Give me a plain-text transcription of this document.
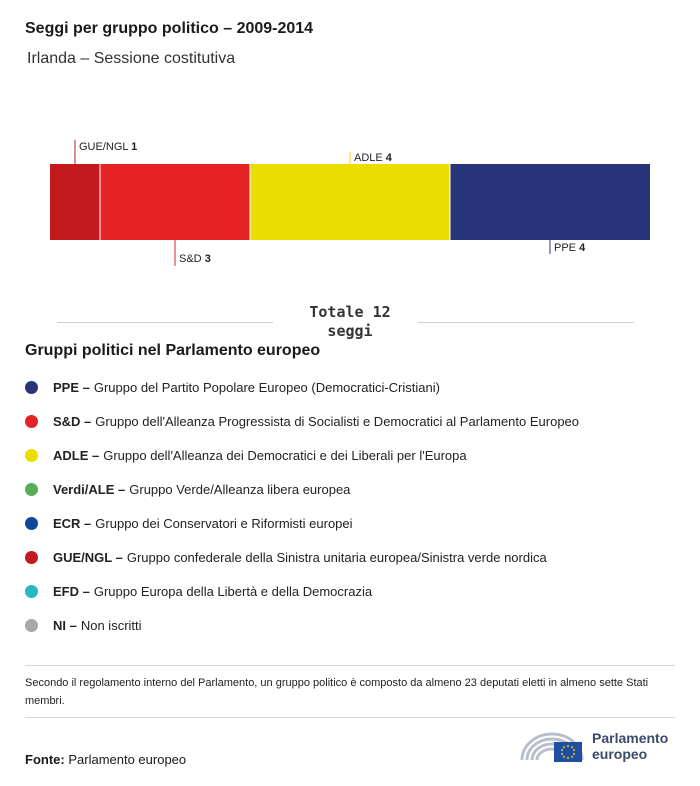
Seggi per gruppo politico – 2009-2014
Irlanda – Sessione costitutiva
GUE/NGL 1
S&D 3
ADLE 4
PPE 4
Totale 12
seggi
Gruppi politici nel Parlamento europeo
PPE – Gruppo del Partito Popolare Europeo (Democratici-Cristiani)
S&D – Gruppo dell'Alleanza Progressista di Socialisti e Democratici al Parlamento Europeo
ADLE – Gruppo dell'Alleanza dei Democratici e dei Liberali per l'Europa
Verdi/ALE – Gruppo Verde/Alleanza libera europea
ECR – Gruppo dei Conservatori e Riformisti europei
GUE/NGL – Gruppo confederale della Sinistra unitaria europea/Sinistra verde nordica
EFD – Gruppo Europa della Libertà e della Democrazia
NI – Non iscritti
Secondo il regolamento interno del Parlamento, un gruppo politico è composto da almeno 23 deputati eletti in almeno sette Stati membri.
Fonte: Parlamento europeo
Parlamento
europeo
